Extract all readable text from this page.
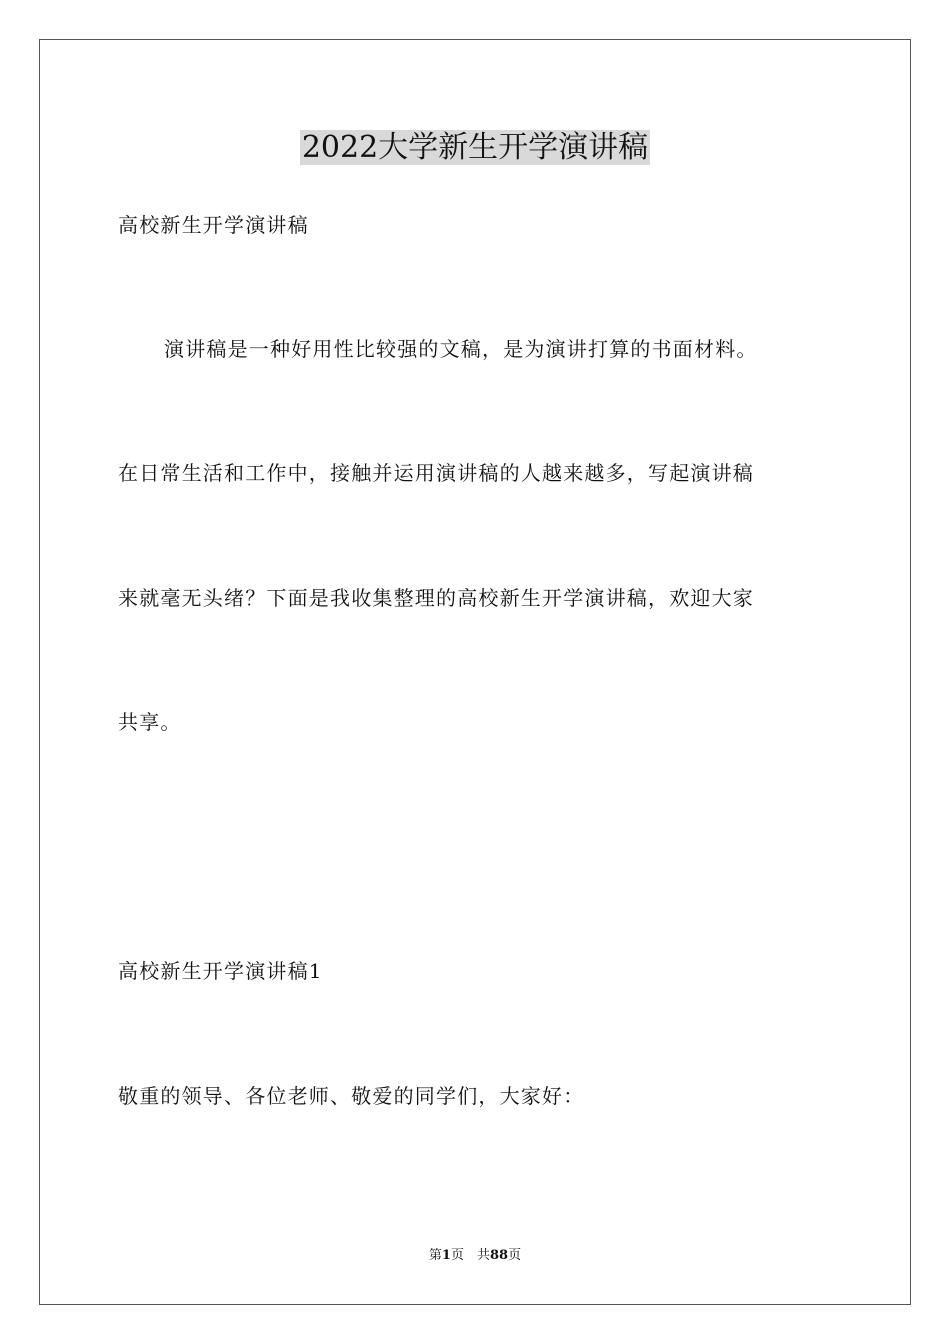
2022大学新生开学演讲稿
高校新生开学演讲稿
演讲稿是一种好用性比较强的文稿，是为演讲打算的书面材料。
在日常生活和工作中，接触并运用演讲稿的人越来越多，写起演讲稿
来就毫无头绪？下面是我收集整理的高校新生开学演讲稿，欢迎大家
共享。
高校新生开学演讲稿1
敬重的领导、各位老师、敬爱的同学们，大家好：
第1页　共88页
